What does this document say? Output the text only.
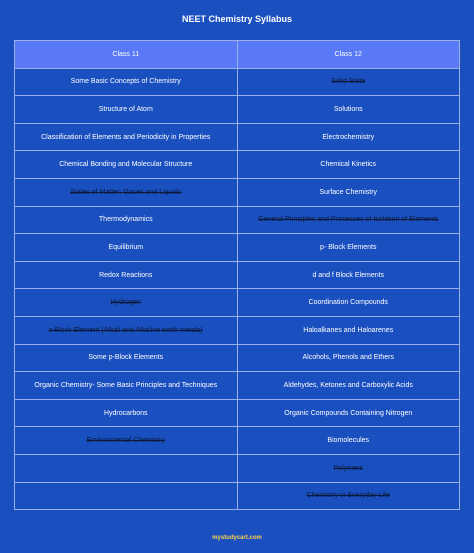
NEET Chemistry Syllabus
Class 11	Class 12
Some Basic Concepts of Chemistry	Solid State
Structure of Atom	Solutions
Classification of Elements and Periodicity in Properties	Electrochemistry
Chemical Bonding and Molecular Structure	Chemical Kinetics
States of Matter: Gases and Liquids	Surface Chemistry
Thermodynamics	General Principles and Processes of Isolation of Elements
Equilibrium	p- Block Elements
Redox Reactions	d and f Block Elements
Hydrogen	Coordination Compounds
s-Block Element (Alkali and Alkaline earth metals)	Haloalkanes and Haloarenes
Some p-Block Elements	Alcohols, Phenols and Ethers
Organic Chemistry- Some Basic Principles and Techniques	Aldehydes, Ketones and Carboxylic Acids
Hydrocarbons	Organic Compounds Containing Nitrogen
Environmental Chemistry	Biomolecules
	Polymers
	Chemistry in Everyday Life
mystudycart.com
